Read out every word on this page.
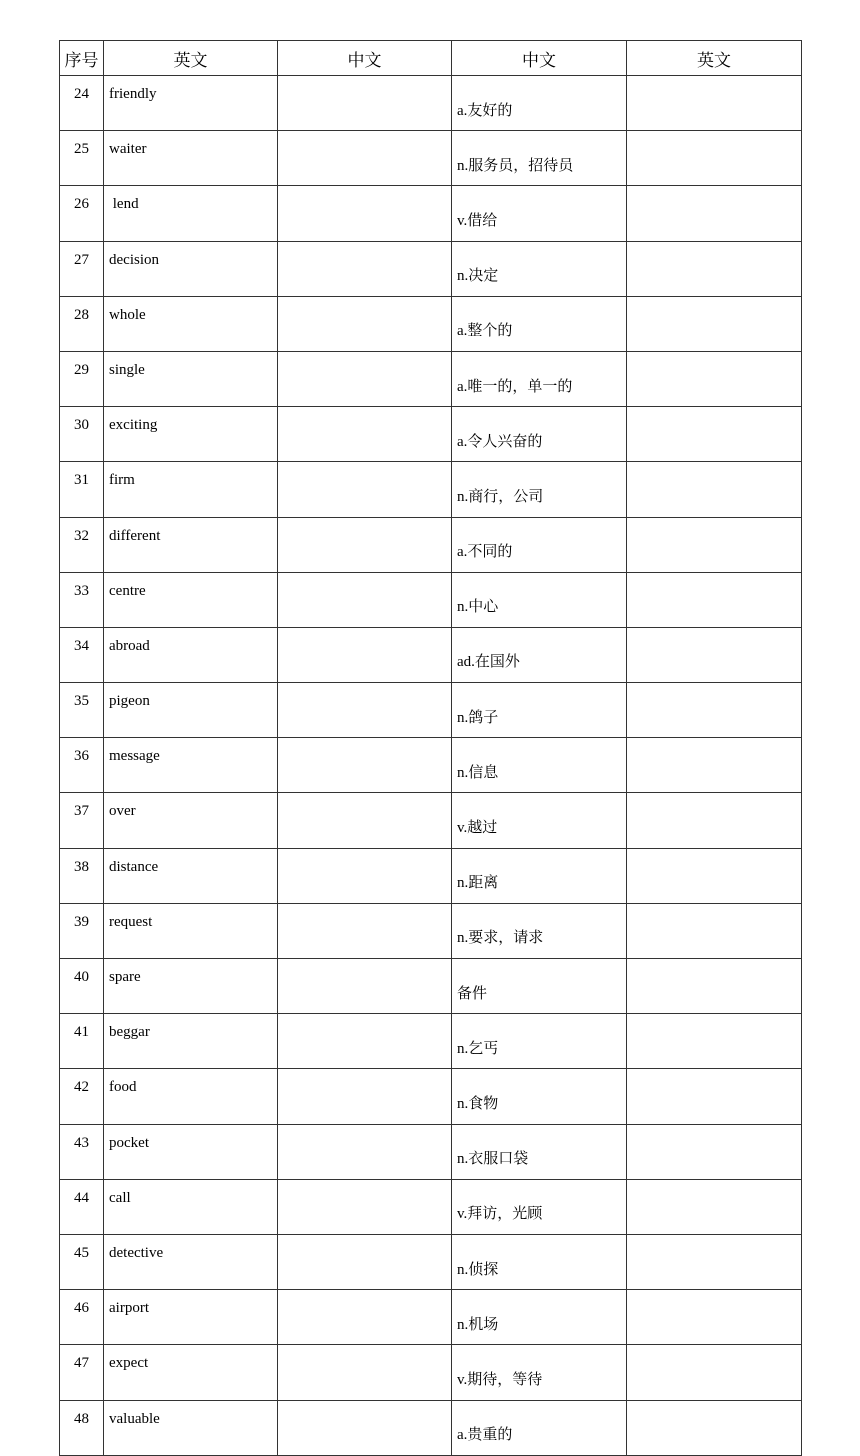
序号	英文	中文	中文	英文
24	friendly		a.友好的	
25	waiter		n.服务员，招待员	
26	lend		v.借给	
27	decision		n.决定	
28	whole		a.整个的	
29	single		a.唯一的，单一的	
30	exciting		a.令人兴奋的	
31	firm		n.商行，公司	
32	different		a.不同的	
33	centre		n.中心	
34	abroad		ad.在国外	
35	pigeon		n.鸽子	
36	message		n.信息	
37	over		v.越过	
38	distance		n.距离	
39	request		n.要求，请求	
40	spare		备件	
41	beggar		n.乞丐	
42	food		n.食物	
43	pocket		n.衣服口袋	
44	call		v.拜访，光顾	
45	detective		n.侦探	
46	airport		n.机场	
47	expect		v.期待，等待	
48	valuable		a.贵重的	
